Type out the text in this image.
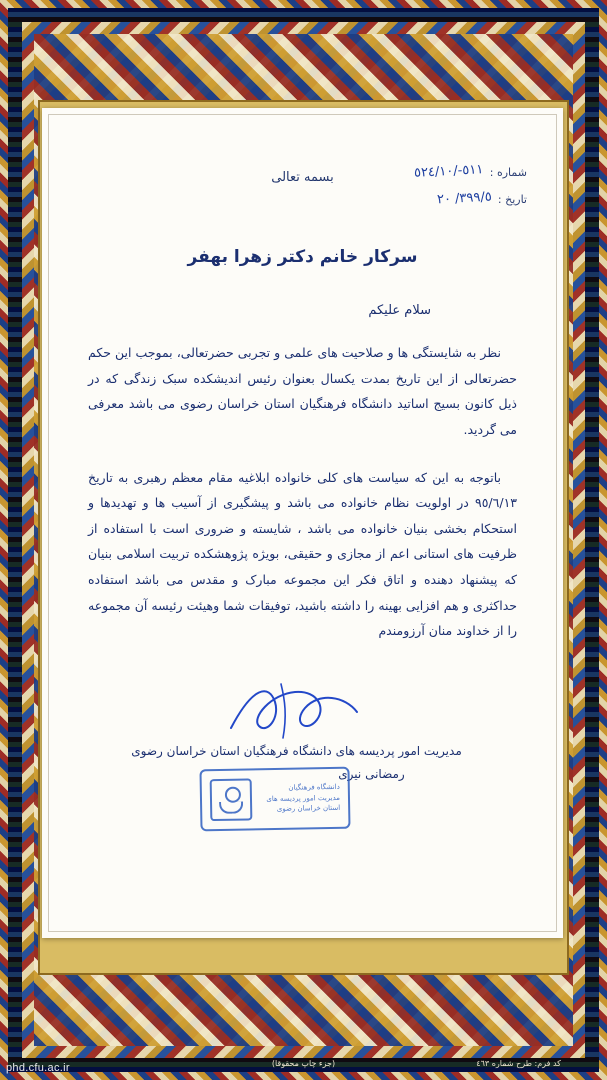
بسمه تعالی	شماره :
٥١١-/٥٢٤/١٠
تاریخ :
٣٩٩/٥/ ٢٠
سرکار خانم دکتر زهرا بهفر
سلام علیکم

نظر به شایستگی ها و صلاحیت های علمی و تجربی حضرتعالی، بموجب این حکم حضرتعالی از این تاریخ بمدت یکسال بعنوان رئیس اندیشکده سبک زندگی که در ذیل کانون بسیج اساتید دانشگاه فرهنگیان استان خراسان رضوی می باشد معرفی می گردید.

باتوجه به این که سیاست های کلی خانواده ابلاغیه مقام معظم رهبری به تاریخ ٩٥/٦/١٣ در اولویت نظام خانواده می باشد و پیشگیری از آسیب ها و تهدیدها و استحکام بخشی بنیان خانواده می باشد ، شایسته و ضروری است با استفاده از ظرفیت های استانی اعم از مجازی و حقیقی، بویژه پژوهشکده تربیت اسلامی بنیان که پیشنهاد دهنده و اتاق فکر این مجموعه مبارک و مقدس می باشد استفاده حداکثری و هم افزایی بهینه را داشته باشید، توفیقات شما وهیئت رئیسه آن مجموعه را از خداوند منان آرزومندم

مدیریت امور پردیسه های دانشگاه فرهنگیان استان خراسان رضوی
رمضانی نیری
دانشگاه فرهنگیان
مدیریت امور پردیسه های
استان خراسان رضوی
کد فرم: طرح شماره ٤٦٣
(جزء چاپ محقوقا)
phd.cfu.ac.ir
